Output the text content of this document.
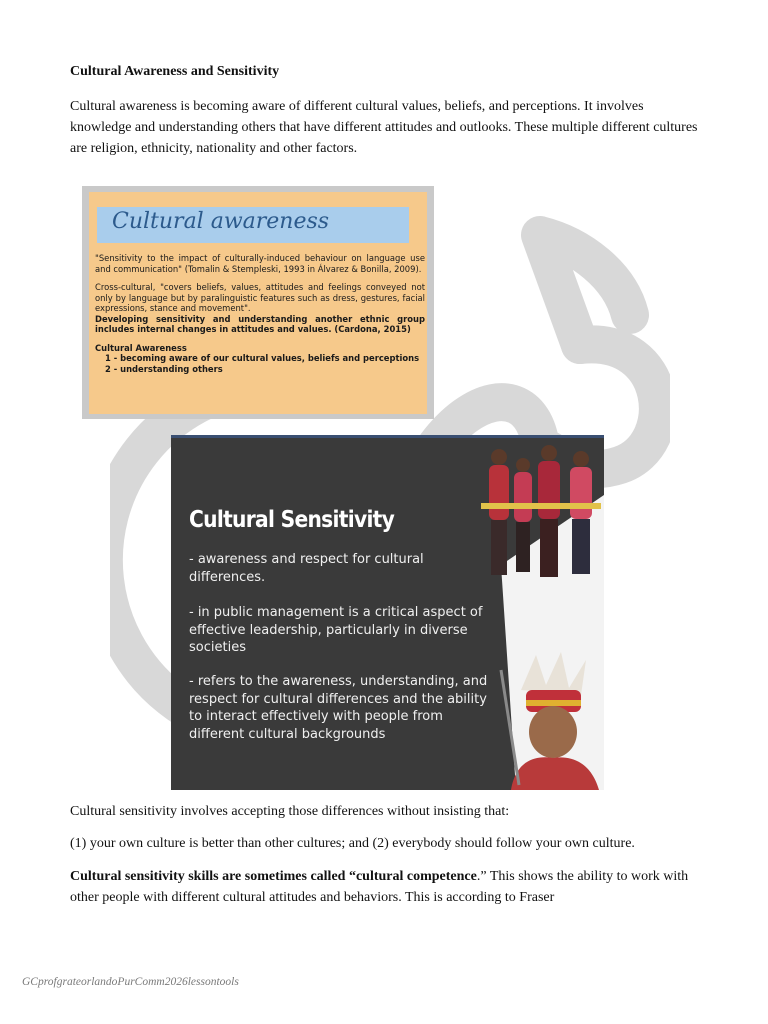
Cultural Awareness and Sensitivity
Cultural awareness is becoming aware of different cultural values, beliefs, and perceptions. It involves knowledge and understanding others that have different attitudes and outlooks. These multiple different cultures are religion, ethnicity, nationality and other factors.
Cultural awareness

"Sensitivity to the impact of culturally-induced behaviour on language use and communication" (Tomalin & Stempleski, 1993 in Álvarez & Bonilla, 2009).

Cross-cultural, "covers beliefs, values, attitudes and feelings conveyed not only by language but by paralinguistic features such as dress, gestures, facial expressions, stance and movement".

Developing sensitivity and understanding another ethnic group includes internal changes in attitudes and values. (Cardona, 2015)

Cultural Awareness
1 - becoming aware of our cultural values, beliefs and perceptions
2 - understanding others
Cultural Sensitivity
- awareness and respect for cultural differences.
- in public management is a critical aspect of effective leadership, particularly in diverse societies
- refers to the awareness, understanding, and respect for cultural differences and the ability to interact effectively with people from different cultural backgrounds
Cultural sensitivity involves accepting those differences without insisting that:
(1) your own culture is better than other cultures; and (2) everybody should follow your own culture.
Cultural sensitivity skills are sometimes called “cultural competence.” This shows the ability to work with other people with different cultural attitudes and behaviors. This is according to Fraser
GCprofgrateorlandoPurComm2026lessontools
